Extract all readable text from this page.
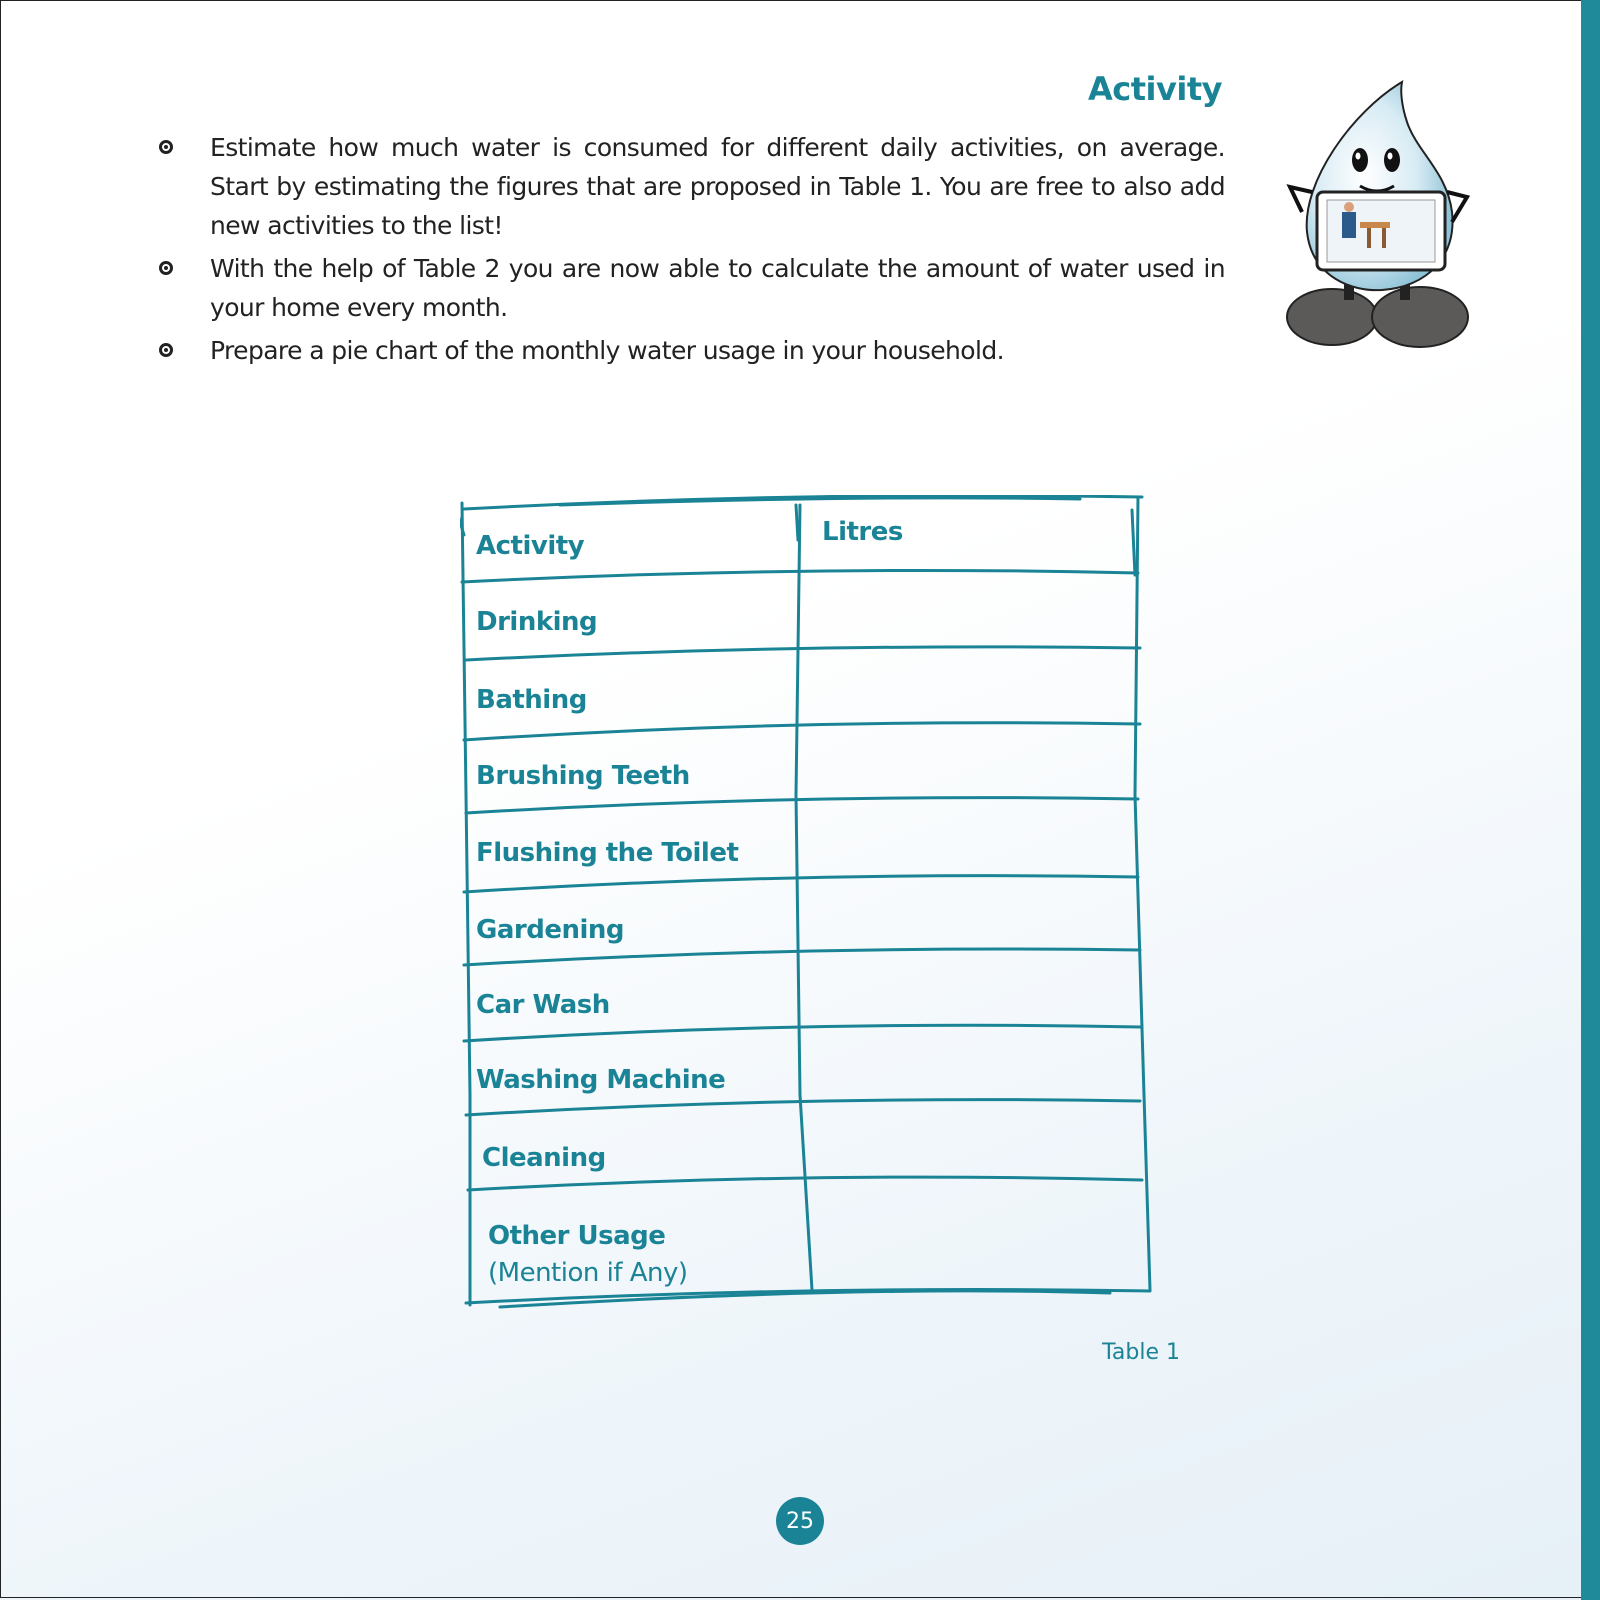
Activity
Estimate how much water is consumed for different daily activities, on average. Start by estimating the figures that are proposed in Table 1. You are free to also add new activities to the list!
With the help of Table 2 you are now able to calculate the amount of water used in your home every month.
Prepare a pie chart of the monthly water usage in your household.
Activity	Litres
Drinking
Bathing
Brushing Teeth
Flushing the Toilet
Gardening
Car Wash
Washing Machine
Cleaning
Other Usage
(Mention if Any)
Table 1
25
